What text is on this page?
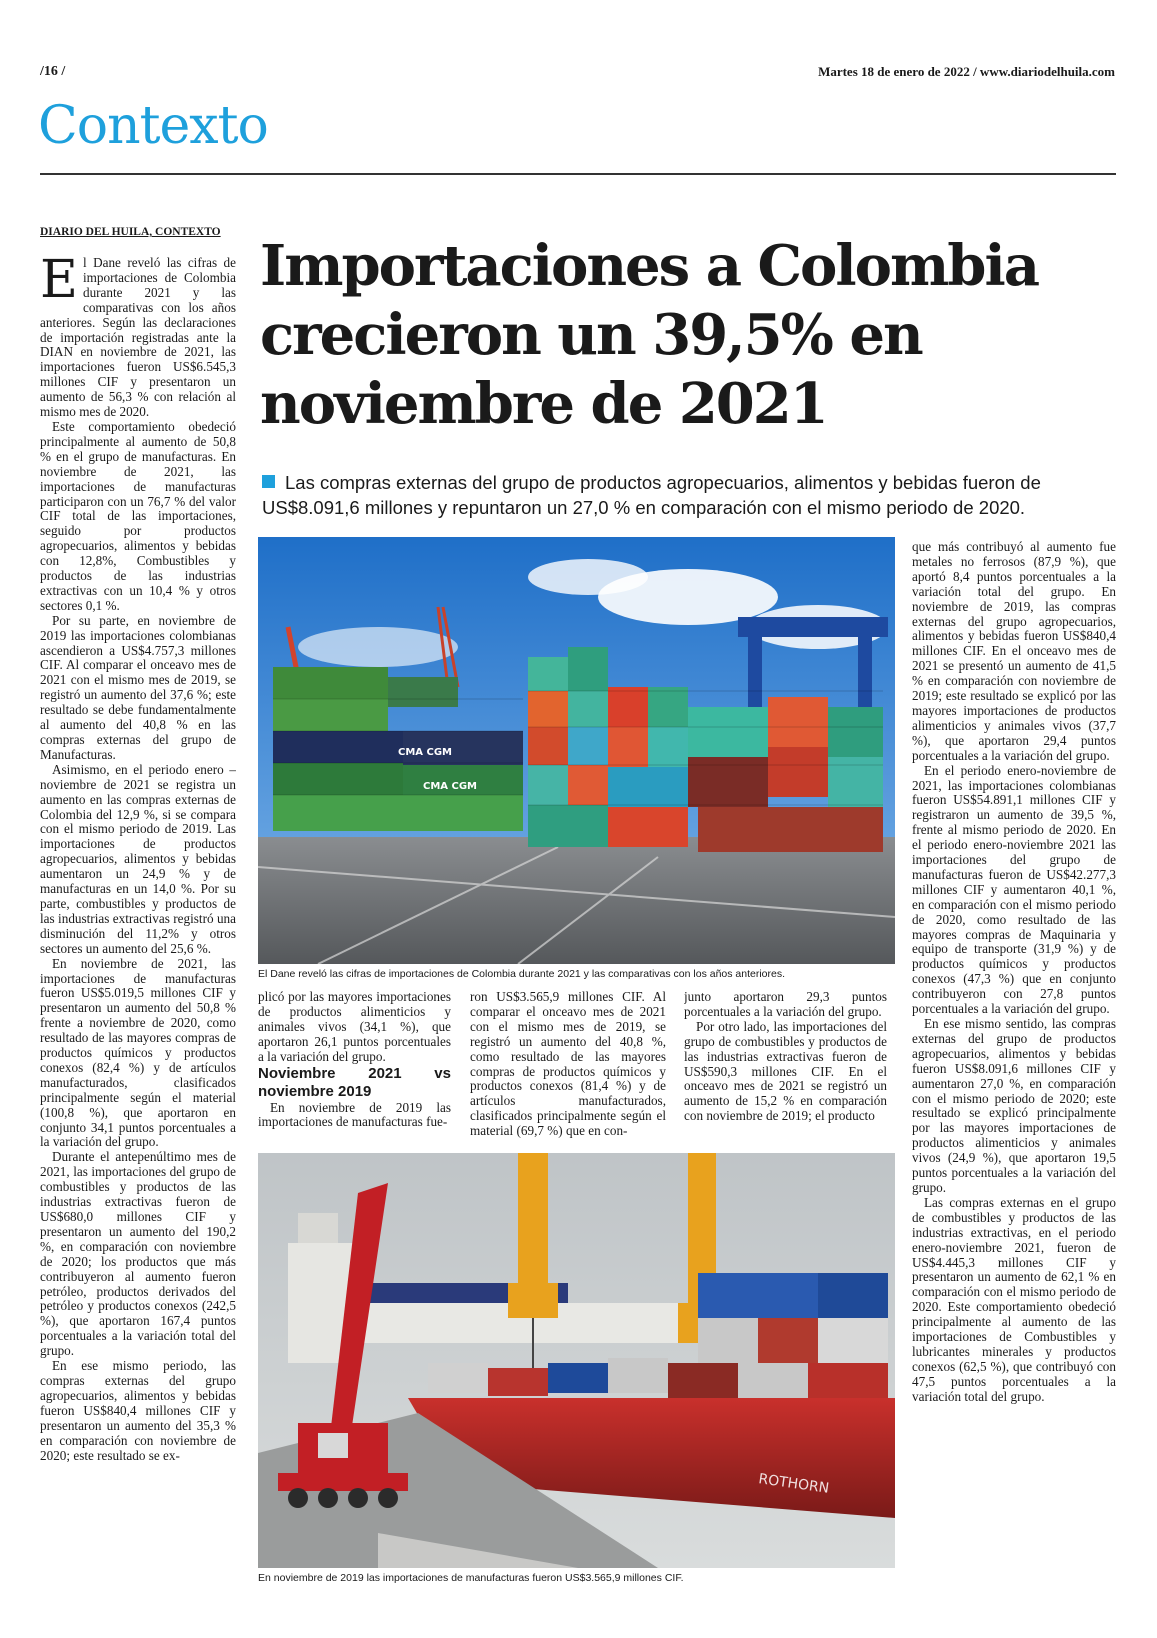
/16 /	Martes 18 de enero de 2022 / www.diariodelhuila.com
Contexto
DIARIO DEL HUILA, CONTEXTO
Importaciones a Colombia crecieron un 39,5% en noviembre de 2021
Las compras externas del grupo de productos agropecuarios, alimentos y bebidas fueron de US$8.091,6 millones y repuntaron un 27,0 % en comparación con el mismo periodo de 2020.

El Dane reveló las cifras de importaciones de Colombia durante 2021 y las comparativas con los años anteriores. Según las declaraciones de importación registradas ante la DIAN en noviembre de 2021, las importaciones fueron US$6.545,3 millones CIF y presentaron un aumento de 56,3 % con relación al mismo mes de 2020.

Este comportamiento obedeció principalmente al aumento de 50,8 % en el grupo de manufacturas. En noviembre de 2021, las importaciones de manufacturas participaron con un 76,7 % del valor CIF total de las importaciones, seguido por productos agropecuarios, alimentos y bebidas con 12,8%, Combustibles y productos de las industrias extractivas con un 10,4 % y otros sectores 0,1 %.

Por su parte, en noviembre de 2019 las importaciones colombianas ascendieron a US$4.757,3 millones CIF. Al comparar el onceavo mes de 2021 con el mismo mes de 2019, se registró un aumento del 37,6 %; este resultado se debe fundamentalmente al aumento del 40,8 % en las compras externas del grupo de Manufacturas.

Asimismo, en el periodo enero – noviembre de 2021 se registra un aumento en las compras externas de Colombia del 12,9 %, si se compara con el mismo periodo de 2019. Las importaciones de productos agropecuarios, alimentos y bebidas aumentaron un 24,9 % y de manufacturas en un 14,0 %. Por su parte, combustibles y productos de las industrias extractivas registró una disminución del 11,2% y otros sectores un aumento del 25,6 %.

En noviembre de 2021, las importaciones de manufacturas fueron US$5.019,5 millones CIF y presentaron un aumento del 50,8 % frente a noviembre de 2020, como resultado de las mayores compras de productos químicos y productos conexos (82,4 %) y de artículos manufacturados, clasificados principalmente según el material (100,8 %), que aportaron en conjunto 34,1 puntos porcentuales a la variación del grupo.

Durante el antepenúltimo mes de 2021, las importaciones del grupo de combustibles y productos de las industrias extractivas fueron de US$680,0 millones CIF y presentaron un aumento del 190,2 %, en comparación con noviembre de 2020; los productos que más contribuyeron al aumento fueron petróleo, productos derivados del petróleo y productos conexos (242,5 %), que aportaron 167,4 puntos porcentuales a la variación total del grupo.

En ese mismo periodo, las compras externas del grupo agropecuarios, alimentos y bebidas fueron US$840,4 millones CIF y presentaron un aumento del 35,3 % en comparación con noviembre de 2020; este resultado se ex-

CMA CGM
CMA CGM
El Dane reveló las cifras de importaciones de Colombia durante 2021 y las comparativas con los años anteriores.

plicó por las mayores importaciones de productos alimenticios y animales vivos (34,1 %), que aportaron 26,1 puntos porcentuales a la variación del grupo.

Noviembre 2021 vs noviembre 2019

En noviembre de 2019 las importaciones de manufacturas fue-

ron US$3.565,9 millones CIF. Al comparar el onceavo mes de 2021 con el mismo mes de 2019, se registró un aumento del 40,8 %, como resultado de las mayores compras de productos químicos y productos conexos (81,4 %) y de artículos manufacturados, clasificados principalmente según el material (69,7 %) que en con-

junto aportaron 29,3 puntos porcentuales a la variación del grupo.

Por otro lado, las importaciones del grupo de combustibles y productos de las industrias extractivas fueron de US$590,3 millones CIF. En el onceavo mes de 2021 se registró un aumento de 15,2 % en comparación con noviembre de 2019; el producto

ROTHORN
En noviembre de 2019 las importaciones de manufacturas fueron US$3.565,9 millones CIF.

que más contribuyó al aumento fue metales no ferrosos (87,9 %), que aportó 8,4 puntos porcentuales a la variación total del grupo. En noviembre de 2019, las compras externas del grupo agropecuarios, alimentos y bebidas fueron US$840,4 millones CIF. En el onceavo mes de 2021 se presentó un aumento de 41,5 % en comparación con noviembre de 2019; este resultado se explicó por las mayores importaciones de productos alimenticios y animales vivos (37,7 %), que aportaron 29,4 puntos porcentuales a la variación del grupo.

En el periodo enero-noviembre de 2021, las importaciones colombianas fueron US$54.891,1 millones CIF y registraron un aumento de 39,5 %, frente al mismo periodo de 2020. En el periodo enero-noviembre 2021 las importaciones del grupo de manufacturas fueron de US$42.277,3 millones CIF y aumentaron 40,1 %, en comparación con el mismo periodo de 2020, como resultado de las mayores compras de Maquinaria y equipo de transporte (31,9 %) y de productos químicos y productos conexos (47,3 %) que en conjunto contribuyeron con 27,8 puntos porcentuales a la variación del grupo.

En ese mismo sentido, las compras externas del grupo de productos agropecuarios, alimentos y bebidas fueron US$8.091,6 millones CIF y aumentaron 27,0 %, en comparación con el mismo periodo de 2020; este resultado se explicó principalmente por las mayores importaciones de productos alimenticios y animales vivos (24,9 %), que aportaron 19,5 puntos porcentuales a la variación del grupo.

Las compras externas en el grupo de combustibles y productos de las industrias extractivas, en el periodo enero-noviembre 2021, fueron de US$4.445,3 millones CIF y presentaron un aumento de 62,1 % en comparación con el mismo periodo de 2020. Este comportamiento obedeció principalmente al aumento de las importaciones de Combustibles y lubricantes minerales y productos conexos (62,5 %), que contribuyó con 47,5 puntos porcentuales a la variación total del grupo.
